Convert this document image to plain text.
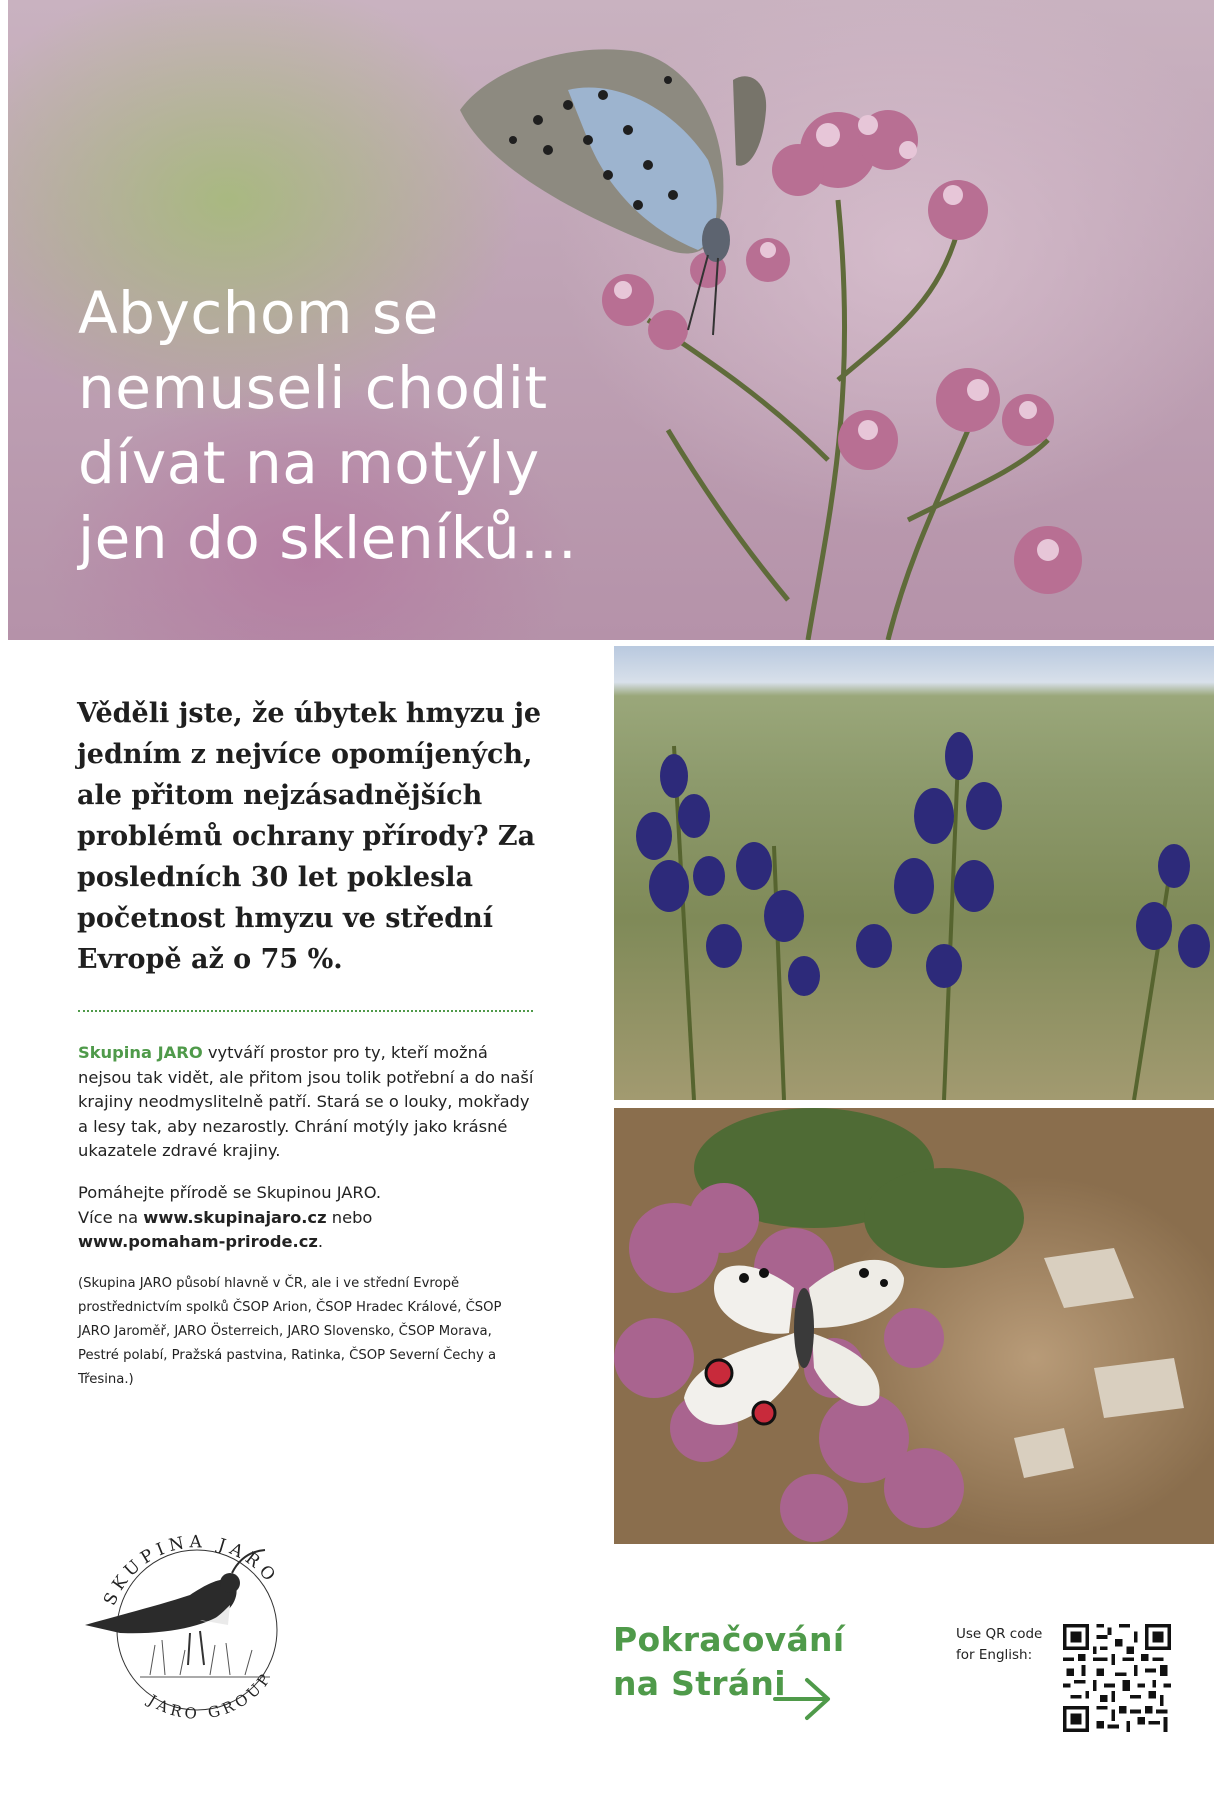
Abychom se
nemuseli chodit
dívat na motýly
jen do skleníků...

Věděli jste, že úbytek hmyzu je jedním z nejvíce opomíjených, ale přitom nejzásadnějších problémů ochrany přírody? Za posledních 30 let poklesla početnost hmyzu ve střední Evropě až o 75 %.

Skupina JARO vytváří prostor pro ty, kteří možná nejsou tak vidět, ale přitom jsou tolik potřební a do naší krajiny neodmyslitelně patří. Stará se o louky, mokřady a lesy tak, aby nezarostly. Chrání motýly jako krásné ukazatele zdravé krajiny.

Pomáhejte přírodě se Skupinou JARO.
Více na www.skupinajaro.cz nebo
www.pomaham-prirode.cz.

(Skupina JARO působí hlavně v ČR, ale i ve střední Evropě prostřednictvím spolků ČSOP Arion, ČSOP Hradec Králové, ČSOP JARO Jaroměř, JARO Österreich, JARO Slovensko, ČSOP Morava, Pestré polabí, Pražská pastvina, Ratinka, ČSOP Severní Čechy a Třesina.)

SKUPINA JARO
JARO GROUP

Pokračování
na Stráni

Use QR code
for English:
